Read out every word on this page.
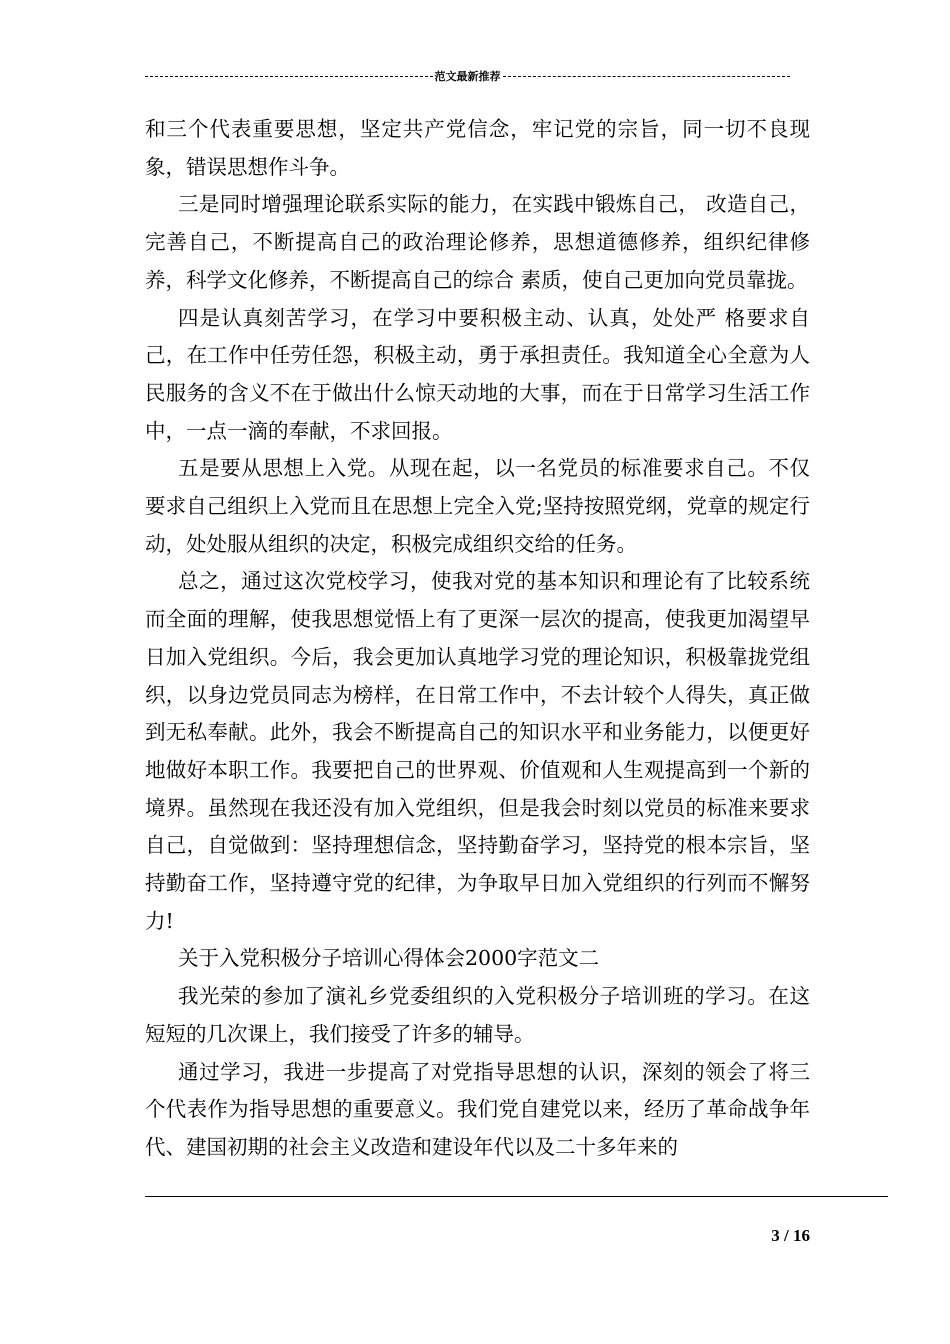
范文最新推荐

和三个代表重要思想，坚定共产党信念，牢记党的宗旨，同一切不良现象，错误思想作斗争。

三是同时增强理论联系实际的能力，在实践中锻炼自己， 改造自己，完善自己，不断提高自己的政治理论修养，思想道德修养，组织纪律修养，科学文化修养，不断提高自己的综合 素质，使自己更加向党员靠拢。

四是认真刻苦学习，在学习中要积极主动、认真，处处严 格要求自己，在工作中任劳任怨，积极主动，勇于承担责任。我知道全心全意为人民服务的含义不在于做出什么惊天动地的大事，而在于日常学习生活工作中，一点一滴的奉献，不求回报。

五是要从思想上入党。从现在起，以一名党员的标准要求自己。不仅要求自己组织上入党而且在思想上完全入党;坚持按照党纲，党章的规定行动，处处服从组织的决定，积极完成组织交给的任务。

总之，通过这次党校学习，使我对党的基本知识和理论有了比较系统而全面的理解，使我思想觉悟上有了更深一层次的提高，使我更加渴望早日加入党组织。今后，我会更加认真地学习党的理论知识，积极靠拢党组织，以身边党员同志为榜样，在日常工作中，不去计较个人得失，真正做到无私奉献。此外，我会不断提高自己的知识水平和业务能力，以便更好地做好本职工作。我要把自己的世界观、价值观和人生观提高到一个新的境界。虽然现在我还没有加入党组织，但是我会时刻以党员的标准来要求自己，自觉做到：坚持理想信念，坚持勤奋学习，坚持党的根本宗旨，坚持勤奋工作，坚持遵守党的纪律，为争取早日加入党组织的行列而不懈努力!

关于入党积极分子培训心得体会2000字范文二

我光荣的参加了演礼乡党委组织的入党积极分子培训班的学习。在这短短的几次课上，我们接受了许多的辅导。

通过学习，我进一步提高了对党指导思想的认识，深刻的领会了将三个代表作为指导思想的重要意义。我们党自建党以来，经历了革命战争年代、建国初期的社会主义改造和建设年代以及二十多年来的

3 / 16
